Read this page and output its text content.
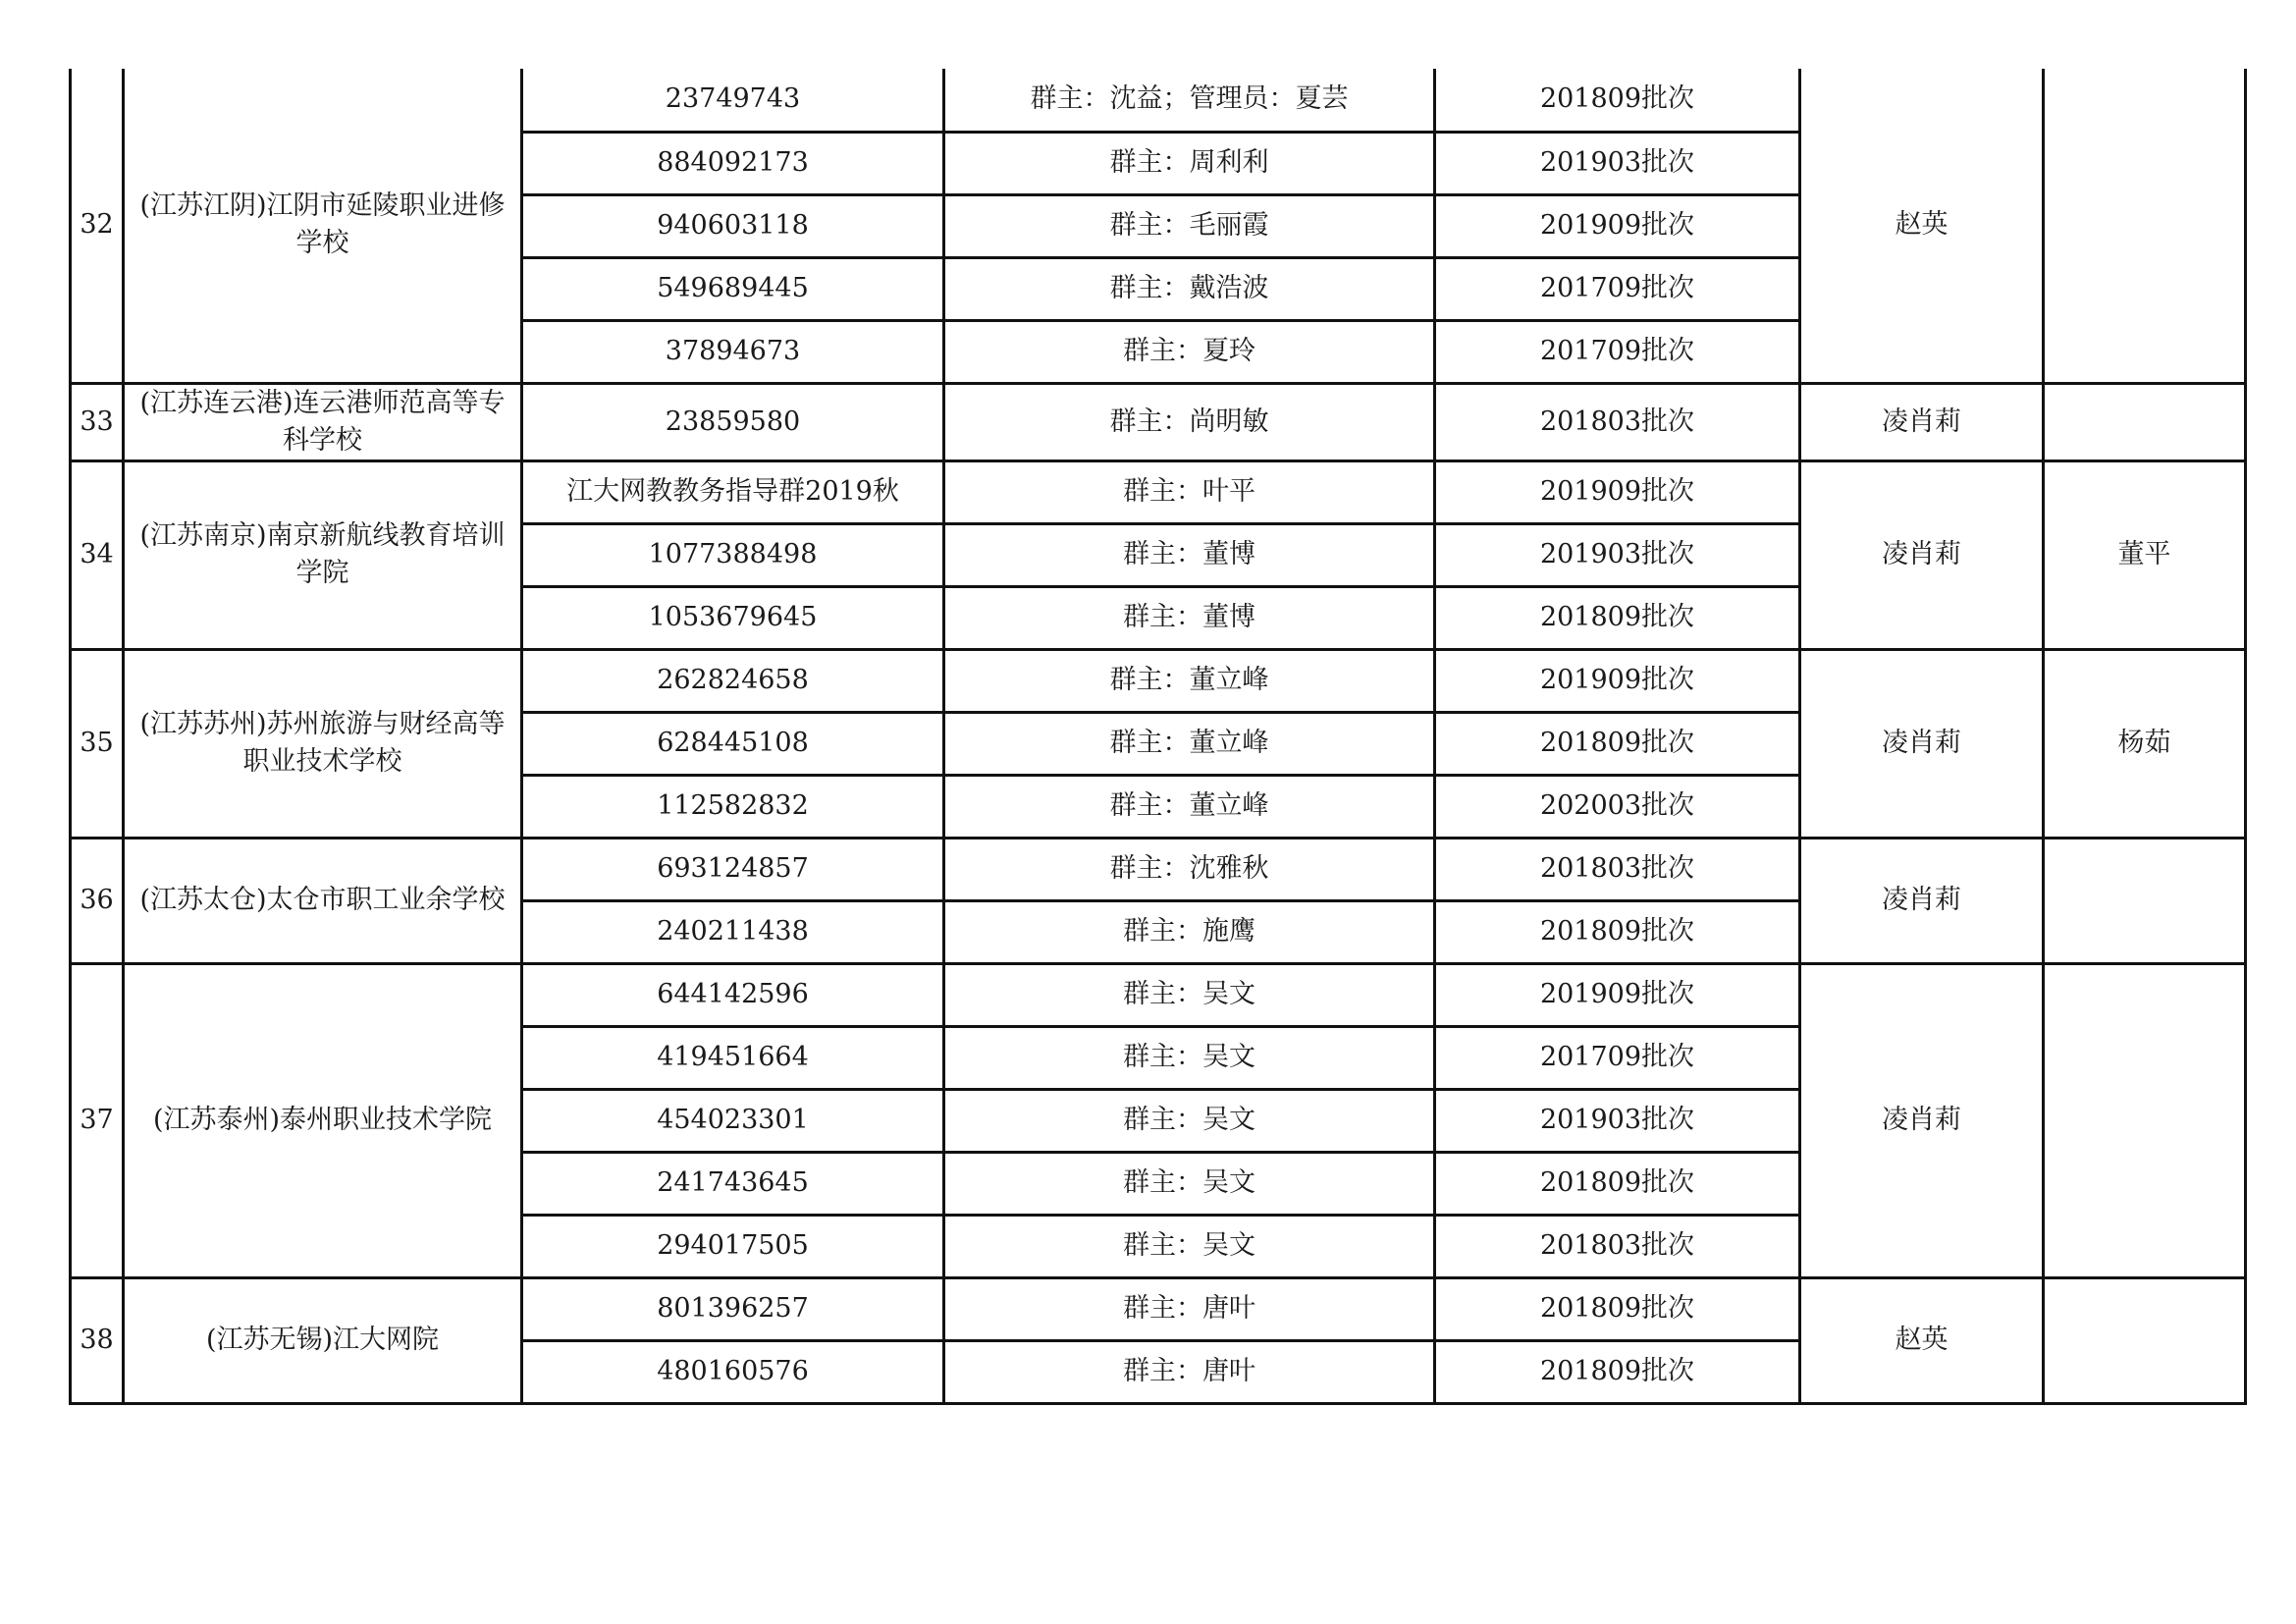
32	(江苏江阴)江阴市延陵职业进修学校	23749743	群主：沈益；管理员：夏芸	201809批次	赵英	
		884092173	群主：周利利	201903批次		
		940603118	群主：毛丽霞	201909批次		
		549689445	群主：戴浩波	201709批次		
		37894673	群主：夏玲	201709批次		
33	(江苏连云港)连云港师范高等专科学校	23859580	群主：尚明敏	201803批次	凌肖莉	
34	(江苏南京)南京新航线教育培训学院	江大网教教务指导群2019秋	群主：叶平	201909批次	凌肖莉	董平
		1077388498	群主：董博	201903批次		
		1053679645	群主：董博	201809批次		
35	(江苏苏州)苏州旅游与财经高等职业技术学校	262824658	群主：董立峰	201909批次	凌肖莉	杨茹
		628445108	群主：董立峰	201809批次		
		112582832	群主：董立峰	202003批次		
36	(江苏太仓)太仓市职工业余学校	693124857	群主：沈雅秋	201803批次	凌肖莉	
		240211438	群主：施鹰	201809批次		
37	(江苏泰州)泰州职业技术学院	644142596	群主：吴文	201909批次	凌肖莉	
		419451664	群主：吴文	201709批次		
		454023301	群主：吴文	201903批次		
		241743645	群主：吴文	201809批次		
		294017505	群主：吴文	201803批次		
38	(江苏无锡)江大网院	801396257	群主：唐叶	201809批次	赵英	
		480160576	群主：唐叶	201809批次		
